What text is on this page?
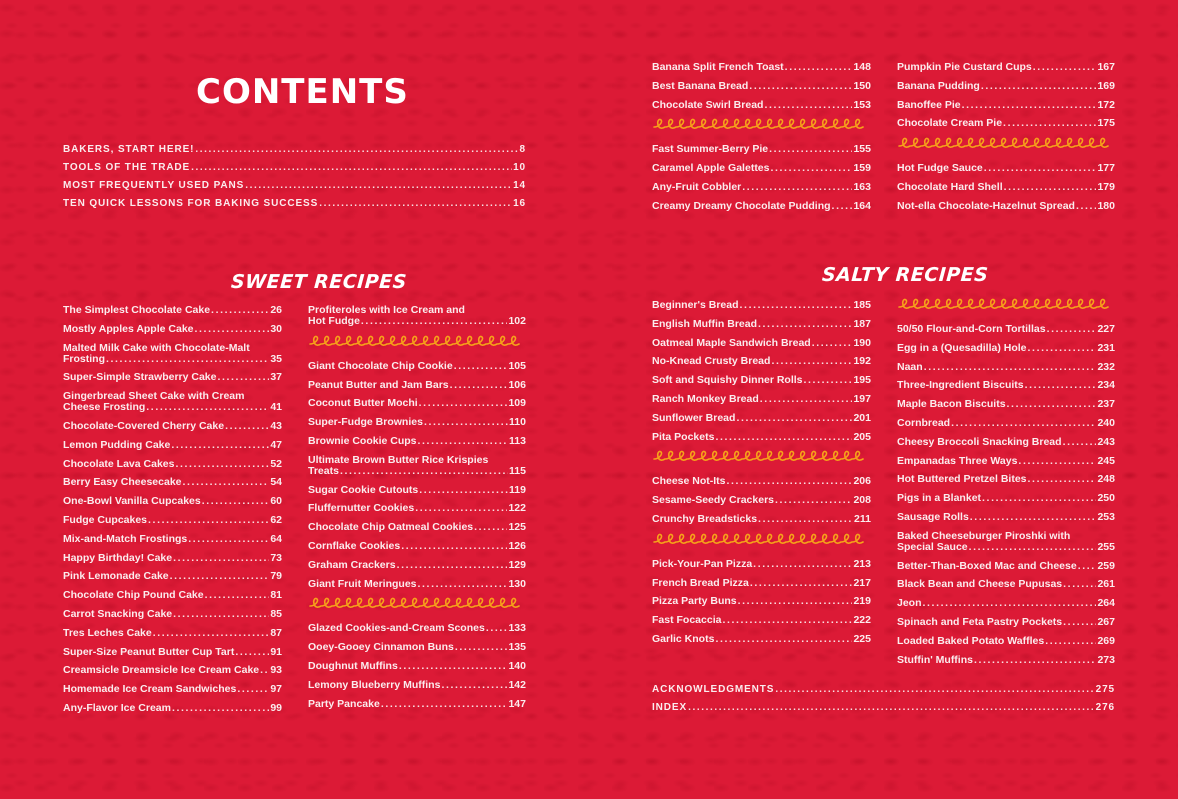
CONTENTS
BAKERS, START HERE! .....	8
TOOLS OF THE TRADE .....	10
MOST FREQUENTLY USED PANS .....	14
TEN QUICK LESSONS FOR BAKING SUCCESS .....	16
SWEET RECIPES	SALTY RECIPES
The Simplest Chocolate Cake .....	26
Mostly Apples Apple Cake .....	30
Malted Milk Cake with Chocolate-Malt
Frosting .....	35
Super-Simple Strawberry Cake .....	37
Gingerbread Sheet Cake with Cream
Cheese Frosting .....	41
Chocolate-Covered Cherry Cake .....	43
Lemon Pudding Cake .....	47
Chocolate Lava Cakes .....	52
Berry Easy Cheesecake .....	54
One-Bowl Vanilla Cupcakes .....	60
Fudge Cupcakes .....	62
Mix-and-Match Frostings .....	64
Happy Birthday! Cake .....	73
Pink Lemonade Cake .....	79
Chocolate Chip Pound Cake .....	81
Carrot Snacking Cake .....	85
Tres Leches Cake .....	87
Super-Size Peanut Butter Cup Tart .....	91
Creamsicle Dreamsicle Ice Cream Cake ..... 93
Homemade Ice Cream Sandwiches .....	97
Any-Flavor Ice Cream .....	99
Profiteroles with Ice Cream and
Hot Fudge .....	102
Giant Chocolate Chip Cookie .....	105
Peanut Butter and Jam Bars .....	106
Coconut Butter Mochi .....	109
Super-Fudge Brownies .....	110
Brownie Cookie Cups .....	113
Ultimate Brown Butter Rice Krispies
Treats .....	115
Sugar Cookie Cutouts .....	119
Fluffernutter Cookies .....	122
Chocolate Chip Oatmeal Cookies .....	125
Cornflake Cookies .....	126
Graham Crackers .....	129
Giant Fruit Meringues .....	130
Glazed Cookies-and-Cream Scones ..... 133
Ooey-Gooey Cinnamon Buns .....	135
Doughnut Muffins .....	140
Lemony Blueberry Muffins .....	142
Party Pancake .....	147
Banana Split French Toast .....	148
Best Banana Bread .....	150
Chocolate Swirl Bread .....	153
Fast Summer-Berry Pie .....	155
Caramel Apple Galettes .....	159
Any-Fruit Cobbler .....	163
Creamy Dreamy Chocolate Pudding ..... 164
Pumpkin Pie Custard Cups .....	167
Banana Pudding .....	169
Banoffee Pie .....	172
Chocolate Cream Pie .....	175
Hot Fudge Sauce .....	177
Chocolate Hard Shell .....	179
Not-ella Chocolate-Hazelnut Spread ..... 180
Beginner's Bread .....	185
English Muffin Bread .....	187
Oatmeal Maple Sandwich Bread .....	190
No-Knead Crusty Bread .....	192
Soft and Squishy Dinner Rolls .....	195
Ranch Monkey Bread .....	197
Sunflower Bread .....	201
Pita Pockets .....	205
Cheese Not-Its .....	206
Sesame-Seedy Crackers .....	208
Crunchy Breadsticks .....	211
Pick-Your-Pan Pizza .....	213
French Bread Pizza .....	217
Pizza Party Buns .....	219
Fast Focaccia .....	222
Garlic Knots .....	225
50/50 Flour-and-Corn Tortillas .....	227
Egg in a (Quesadilla) Hole .....	231
Naan .....	232
Three-Ingredient Biscuits .....	234
Maple Bacon Biscuits .....	237
Cornbread .....	240
Cheesy Broccoli Snacking Bread .....	243
Empanadas Three Ways .....	245
Hot Buttered Pretzel Bites .....	248
Pigs in a Blanket .....	250
Sausage Rolls .....	253
Baked Cheeseburger Piroshki with
Special Sauce .....	255
Better-Than-Boxed Mac and Cheese ..... 259
Black Bean and Cheese Pupusas .....	261
Jeon .....	264
Spinach and Feta Pastry Pockets .....	267
Loaded Baked Potato Waffles .....	269
Stuffin' Muffins .....	273
ACKNOWLEDGMENTS .....	275
INDEX .....	276
